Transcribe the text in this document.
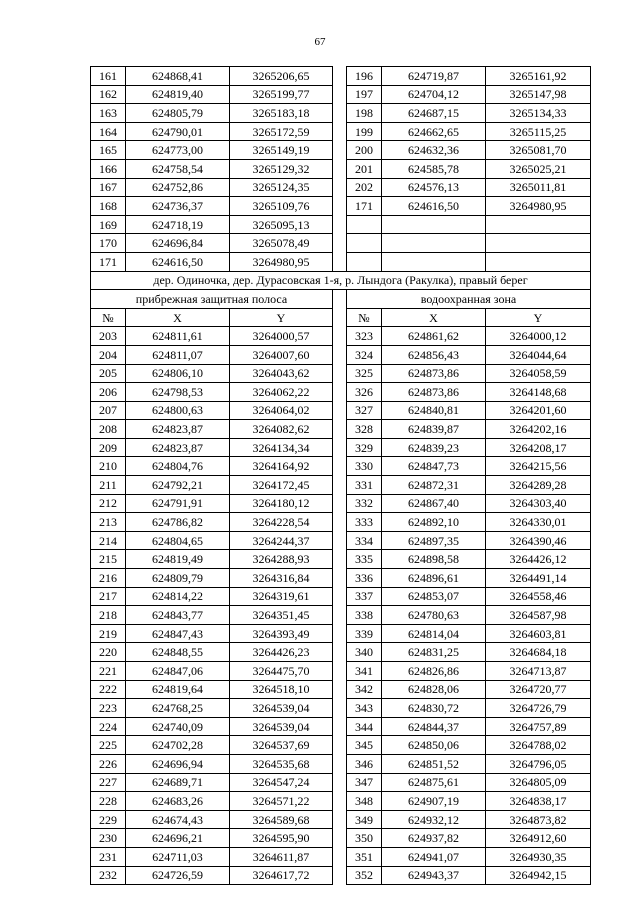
67
161	624868,41	3265206,65		196	624719,87	3265161,92
162	624819,40	3265199,77		197	624704,12	3265147,98
163	624805,79	3265183,18		198	624687,15	3265134,33
164	624790,01	3265172,59		199	624662,65	3265115,25
165	624773,00	3265149,19		200	624632,36	3265081,70
166	624758,54	3265129,32		201	624585,78	3265025,21
167	624752,86	3265124,35		202	624576,13	3265011,81
168	624736,37	3265109,76		171	624616,50	3264980,95
169	624718,19	3265095,13				
170	624696,84	3265078,49				
171	624616,50	3264980,95				
дер. Одиночка, дер. Дурасовская 1-я, р. Лындога (Ракулка), правый берег						
прибрежная защитная полоса				водоохранная зона		
№	X	Y		№	X	Y
203	624811,61	3264000,57		323	624861,62	3264000,12
204	624811,07	3264007,60		324	624856,43	3264044,64
205	624806,10	3264043,62		325	624873,86	3264058,59
206	624798,53	3264062,22		326	624873,86	3264148,68
207	624800,63	3264064,02		327	624840,81	3264201,60
208	624823,87	3264082,62		328	624839,87	3264202,16
209	624823,87	3264134,34		329	624839,23	3264208,17
210	624804,76	3264164,92		330	624847,73	3264215,56
211	624792,21	3264172,45		331	624872,31	3264289,28
212	624791,91	3264180,12		332	624867,40	3264303,40
213	624786,82	3264228,54		333	624892,10	3264330,01
214	624804,65	3264244,37		334	624897,35	3264390,46
215	624819,49	3264288,93		335	624898,58	3264426,12
216	624809,79	3264316,84		336	624896,61	3264491,14
217	624814,22	3264319,61		337	624853,07	3264558,46
218	624843,77	3264351,45		338	624780,63	3264587,98
219	624847,43	3264393,49		339	624814,04	3264603,81
220	624848,55	3264426,23		340	624831,25	3264684,18
221	624847,06	3264475,70		341	624826,86	3264713,87
222	624819,64	3264518,10		342	624828,06	3264720,77
223	624768,25	3264539,04		343	624830,72	3264726,79
224	624740,09	3264539,04		344	624844,37	3264757,89
225	624702,28	3264537,69		345	624850,06	3264788,02
226	624696,94	3264535,68		346	624851,52	3264796,05
227	624689,71	3264547,24		347	624875,61	3264805,09
228	624683,26	3264571,22		348	624907,19	3264838,17
229	624674,43	3264589,68		349	624932,12	3264873,82
230	624696,21	3264595,90		350	624937,82	3264912,60
231	624711,03	3264611,87		351	624941,07	3264930,35
232	624726,59	3264617,72		352	624943,37	3264942,15
